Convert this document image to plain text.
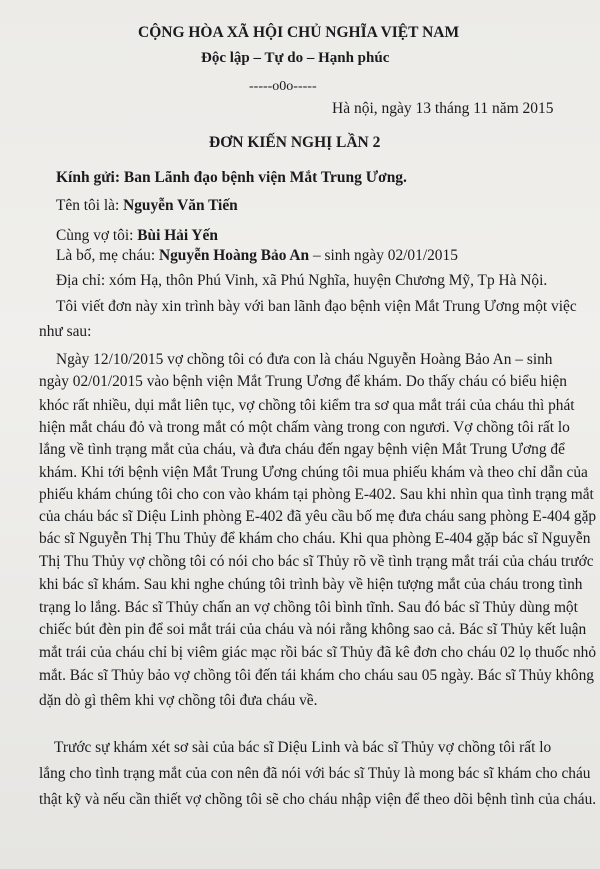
CỘNG HÒA XÃ HỘI CHỦ NGHĨA VIỆT NAM
Độc lập – Tự do – Hạnh phúc
-----o0o-----
Hà nội, ngày 13 tháng 11 năm 2015
ĐƠN KIẾN NGHỊ LẦN 2
Kính gửi: Ban Lãnh đạo bệnh viện Mắt Trung Ương.
Tên tôi là: Nguyễn Văn Tiến
Cùng vợ tôi: Bùi Hải Yến
Là bố, mẹ cháu: Nguyễn Hoàng Bảo An – sinh ngày 02/01/2015
Địa chỉ: xóm Hạ, thôn Phú Vinh, xã Phú Nghĩa, huyện Chương Mỹ, Tp Hà Nội.
Tôi viết đơn này xin trình bày với ban lãnh đạo bệnh viện Mắt Trung Ương một việc
như sau:
Ngày 12/10/2015 vợ chồng tôi có đưa con là cháu Nguyễn Hoàng Bảo An – sinh
ngày 02/01/2015 vào bệnh viện Mắt Trung Ương để khám. Do thấy cháu có biểu hiện
khóc rất nhiều, dụi mắt liên tục, vợ chồng tôi kiểm tra sơ qua mắt trái của cháu thì phát
hiện mắt cháu đỏ và trong mắt có một chấm vàng trong con ngươi. Vợ chồng tôi rất lo
lắng về tình trạng mắt của cháu, và đưa cháu đến ngay bệnh viện Mắt Trung Ương để
khám. Khi tới bệnh viện Mắt Trung Ương chúng tôi mua phiếu khám và theo chỉ dẫn của
phiếu khám chúng tôi cho con vào khám tại phòng E-402. Sau khi nhìn qua tình trạng mắt
của cháu bác sĩ Diệu Linh phòng E-402 đã yêu cầu bố mẹ đưa cháu sang phòng E-404 gặp
bác sĩ Nguyễn Thị Thu Thủy để khám cho cháu. Khi qua phòng E-404 gặp bác sĩ Nguyễn
Thị Thu Thủy vợ chồng tôi có nói cho bác sĩ Thủy rõ về tình trạng mắt trái của cháu trước
khi bác sĩ khám. Sau khi nghe chúng tôi trình bày về hiện tượng mắt của cháu trong tình
trạng lo lắng. Bác sĩ Thủy chấn an vợ chồng tôi bình tĩnh. Sau đó bác sĩ Thủy dùng một
chiếc bút đèn pin để soi mắt trái của cháu và nói rằng không sao cả. Bác sĩ Thủy kết luận
mắt trái của cháu chỉ bị viêm giác mạc rồi bác sĩ Thủy đã kê đơn cho cháu 02 lọ thuốc nhỏ
mắt. Bác sĩ Thủy bảo vợ chồng tôi đến tái khám cho cháu sau 05 ngày. Bác sĩ Thủy không
dặn dò gì thêm khi vợ chồng tôi đưa cháu về.
Trước sự khám xét sơ sài của bác sĩ Diệu Linh và bác sĩ Thủy vợ chồng tôi rất lo
lắng cho tình trạng mắt của con nên đã nói với bác sĩ Thủy là mong bác sĩ khám cho cháu
thật kỹ và nếu cần thiết vợ chồng tôi sẽ cho cháu nhập viện để theo dõi bệnh tình của cháu.
